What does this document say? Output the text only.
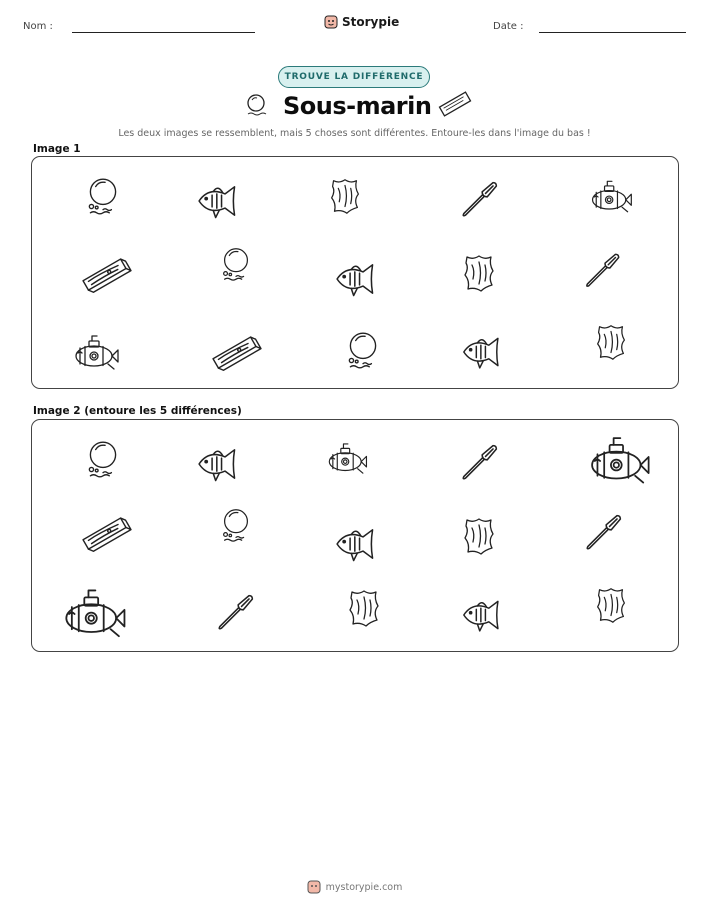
Nom :	Storypie	Date :
TROUVE LA DIFFÉRENCE
Sous-marin
Les deux images se ressemblent, mais 5 choses sont différentes. Entoure-les dans l'image du bas !
Image 1
Image 2 (entoure les 5 différences)
mystorypie.com
